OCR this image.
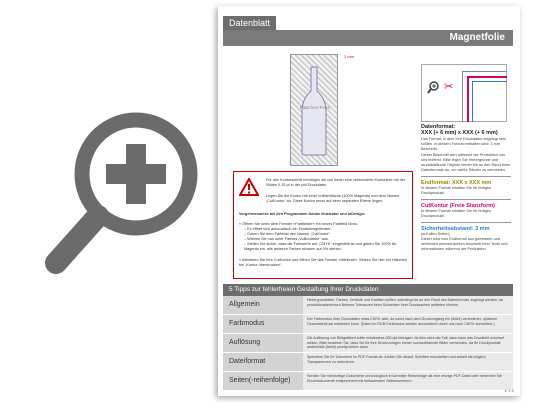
Datenblatt
Magnetfolie
Flaschen-Form
2 mm
✂
Datenformat:
XXX (+ 6 mm) x XXX (+ 6 mm)
Das Format, in dem Ihre Druckdaten angelegt sein sollten. In diesem Format enthalten sind: 3 mm Beschnitt.
Dieser Beschnitt wird während der Produktion von uns entfernt. Bitte legen Sie Hintergründe und randabfallende Objekte immer bis an den Rand Ihres Datenformats an, um weiße Ränder zu vermeiden.
Endformat: XXX x XXX mm
In diesem Format erhalten Sie Ihr fertiges Druckprodukt.
CutKontur (Freie Stanzform)
In diesem Format erhalten Sie Ihr fertiges Druckprodukt.
Sicherheitsabstand: 3 mm
(auf allen Seiten)
Dieser wird vom Endformat aus gemessen und verhindert unerwünschten Anschnitt Ihrer Texte und Informationen während der Produktion.
Für den Konturschnitt benötigen wir von Ihnen eine vektorisierte Konturlinie mit der Stärke 0,25 pt in der pdf-Druckdatei.
Legen Sie die Kontur mit einer Vollfarbfläche (100% Magenta) und dem Namen „CutKontur“ an. Diese Kontur muss auf einer separaten Ebene liegen.
Vorgehensweise bei den Programmen Adobe Illustrator und InDesign:
» Öffnen Sie unter dem Fenster »Farbfelder« ein neues Farbfeld hinzu.
– Es öffnet sich automatisch ein Einstellungsfenster.
– Geben Sie dem Farbfeld den Namen „CutKontur“.
– Wählen Sie nun unter Farbart „Volltonfarbe“ aus.
– Stellen Sie sicher, dass die Farbwerte auf „CMYK“ eingestellt ist und geben Sie 100% für Magenta ein, alle anderen Farben müssen auf 0% stehen.
» Aktivieren Sie Ihre CutKontur und öffnen Sie das Fenster »Attribute«. Setzen Sie hier ein Häkchen bei „Kontur überdrucken“.
5 Tipps zur fehlerfreien Gestaltung Ihrer Druckdaten
Allgemein
Hintergrundbilder, Farben, Verläufe und Grafiken sollten unbedingt bis an den Rand des Datenformats angelegt werden, da produktionstechnisch kleinere Toleranzen beim Schneiden Ihrer Drucksachen auftreten können.
Farbmodus
Der Farbmodus Ihrer Druckdaten muss CMYK sein, da sonst nach dem Druckvorgang ein (leicht) veränderter, optischer Gesamteindruck entstehen kann. (Daten im RGB-Farbmodus werden automatisch durch uns nach CMYK konvertiert.)
Auflösung
Die Auflösung von Bildgrafiken sollte mindestens 300 dpi betragen. Ist dies nicht der Fall, dann kann das Druckbild unscharf wirken. Bitte beachten Sie, dass Sie für Ihre Druckvorlagen immer hochauflösende Bilder verwenden, da Ihr Druckprodukt andernfalls (leicht) pixelig wirken kann.
Dateiformat
Speichern Sie Ihr Dokument im PDF-Format ab. Achten Sie darauf, Schriften einzubetten und soweit als möglich Transparenzen zu reduzieren.
Seiten(-reihenfolge)
Senden Sie mehrseitige Dokumente chronologisch in korrekter Reihenfolge als eine einzige PDF-Datei oder benennen Sie Einzeldokumente entsprechend mit fortlaufenden Seitennummern.
v. 1.0
